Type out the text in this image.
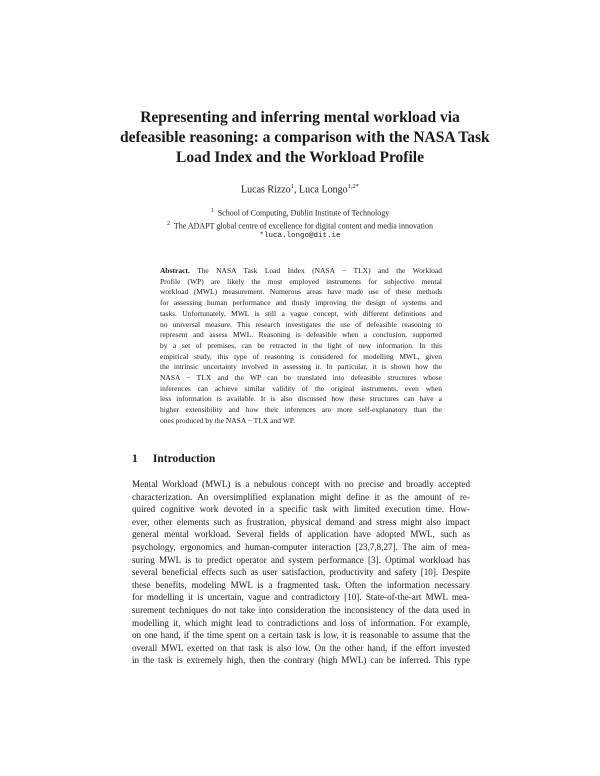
Representing and inferring mental workload via
defeasible reasoning: a comparison with the NASA Task
Load Index and the Workload Profile
Lucas Rizzo$^1$, Luca Longo$^{1,2*}$
$^1$ School of Computing, Dublin Institute of Technology
$^2$ The ADAPT global centre of excellence for digital content and media innovation
*luca.longo@dit.ie
Abstract. The NASA Task Load Index (NASA − TLX) and the Workload
Profile (WP) are likely the most employed instruments for subjective mental
workload (MWL) measurement. Numerous areas have made use of these methods
for assessing human performance and thusly improving the design of systems and
tasks. Unfortunately, MWL is still a vague concept, with different definitions and
no universal measure. This research investigates the use of defeasible reasoning to
represent and assess MWL. Reasoning is defeasible when a conclusion, supported
by a set of premises, can be retracted in the light of new information. In this
empirical study, this type of reasoning is considered for modelling MWL, given
the intrinsic uncertainty involved in assessing it. In particular, it is shown how the
NASA − TLX and the WP can be translated into defeasible structures whose
inferences can achieve similar validity of the original instruments, even when
less information is available. It is also discussed how these structures can have a
higher extensibility and how their inferences are more self-explanatory than the
ones produced by the NASA − TLX and WP.
1 Introduction
Mental Workload (MWL) is a nebulous concept with no precise and broadly accepted
characterization. An oversimplified explanation might define it as the amount of re-
quired cognitive work devoted in a specific task with limited execution time. How-
ever, other elements such as frustration, physical demand and stress might also impact
general mental workload. Several fields of application have adopted MWL, such as
psychology, ergonomics and human-computer interaction [23,7,8,27]. The aim of mea-
suring MWL is to predict operator and system performance [3]. Optimal workload has
several beneficial effects such as user satisfaction, productivity and safety [10]. Despite
these benefits, modeling MWL is a fragmented task. Often the information necessary
for modelling it is uncertain, vague and contradictory [10]. State-of-the-art MWL mea-
surement techniques do not take into consideration the inconsistency of the data used in
modelling it, which might lead to contradictions and loss of information. For example,
on one hand, if the time spent on a certain task is low, it is reasonable to assume that the
overall MWL exerted on that task is also low. On the other hand, if the effort invested
in the task is extremely high, then the contrary (high MWL) can be inferred. This type
